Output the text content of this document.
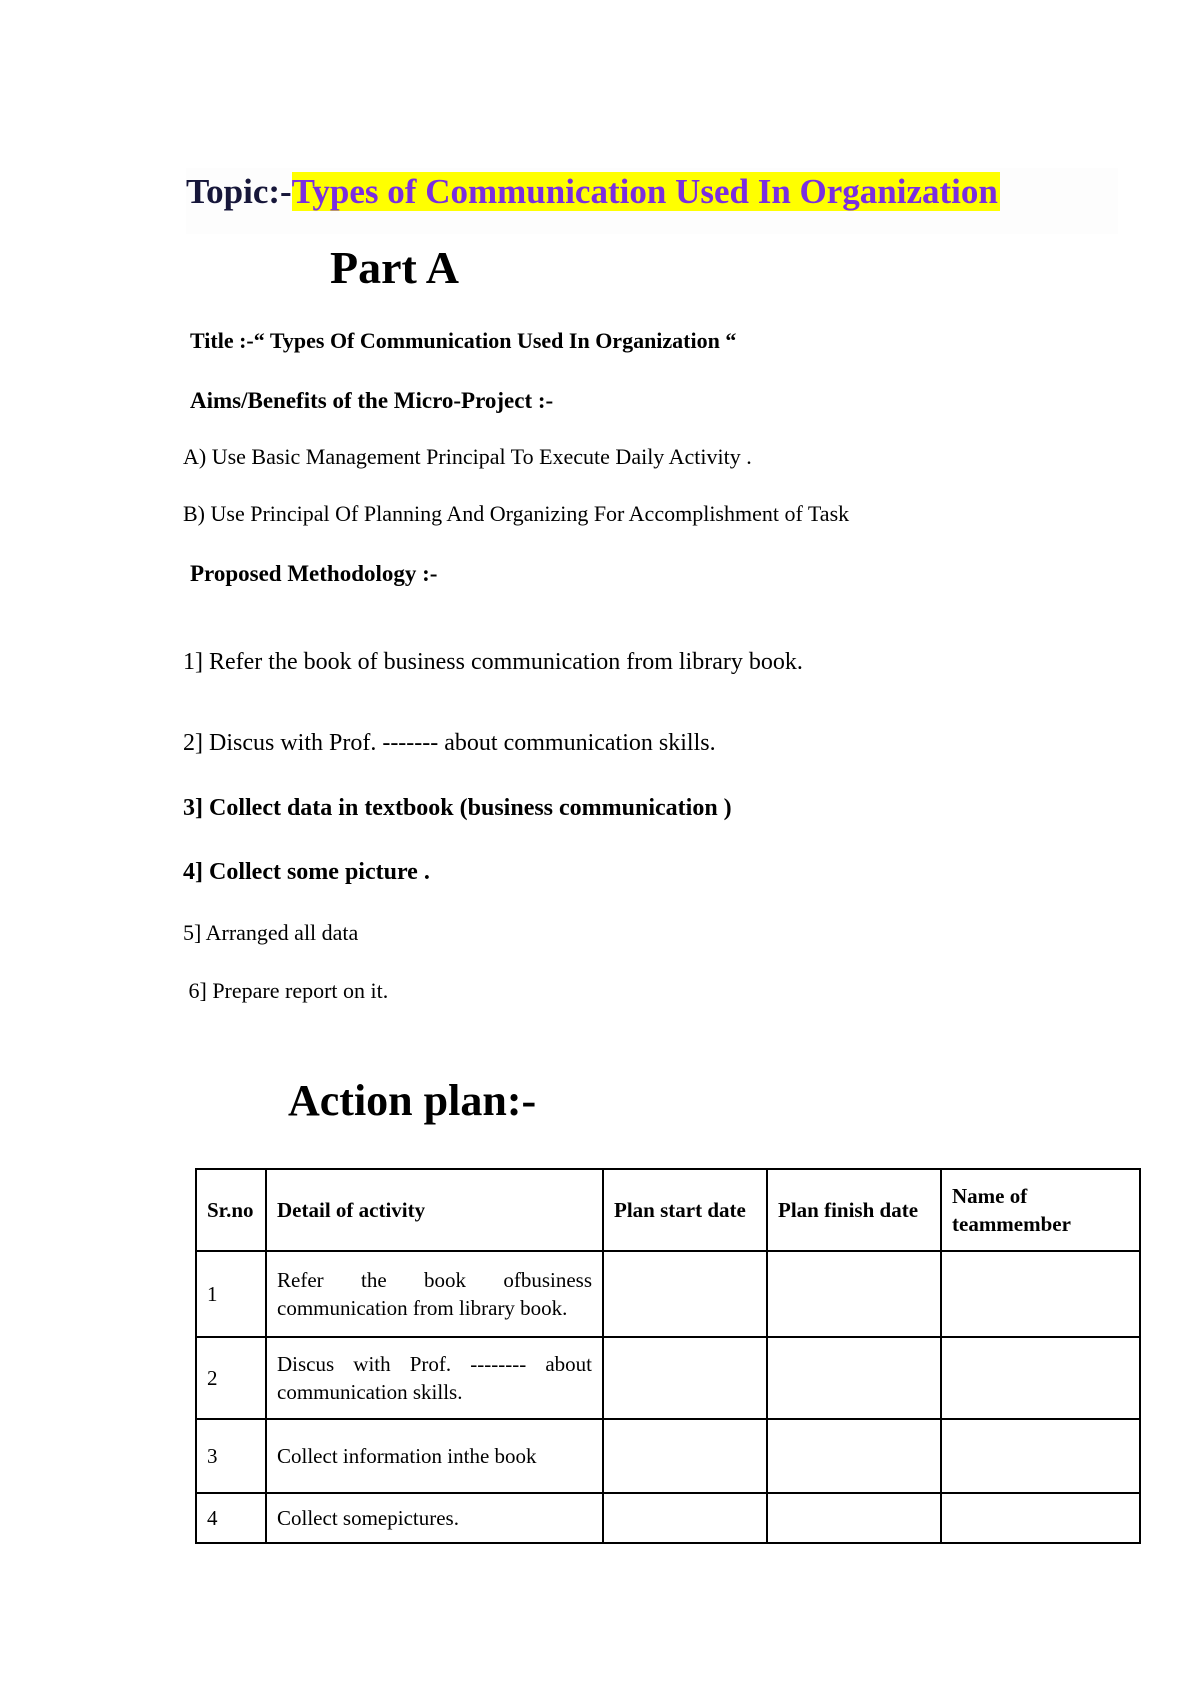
Topic:-Types of Communication Used In Organization
Part A
Title :-“ Types Of Communication Used In Organization “
Aims/Benefits of the Micro-Project :-
A) Use Basic Management Principal To Execute Daily Activity .
B) Use Principal Of Planning And Organizing For Accomplishment of Task
Proposed Methodology :-
1] Refer the book of business communication from library book.
2] Discus with Prof. ------- about communication skills.
3] Collect data in textbook (business communication )
4] Collect some picture .
5] Arranged all data
6] Prepare report on it.
Action plan:-
Sr.no	Detail of activity	Plan start date	Plan finish date	Name of teammember
1	Refer the book ofbusiness communication from library book.			
2	Discus with Prof. -------- about communication skills.			
3	Collect information inthe book			
4	Collect somepictures.			
